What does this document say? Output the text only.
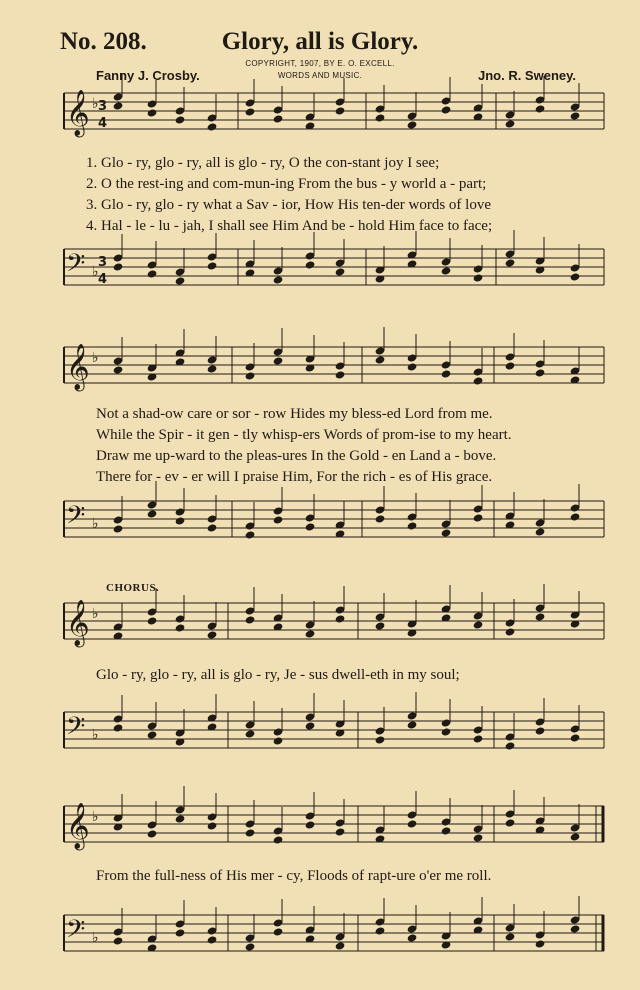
No. 208.	Glory, all is Glory.
Fanny J. Crosby.
COPYRIGHT, 1907, BY E. O. EXCELL.
WORDS AND MUSIC.	Jno. R. Sweney.
𝄞
𝄞
𝄞
𝄞
𝄢
𝄢
𝄢
𝄢
♭
♭
♭
♭
♭
♭
♭
♭
3
4
3
4
1. Glo - ry, glo - ry, all is glo - ry, O the con-stant joy I see;
2. O the rest-ing and com-mun-ing From the bus - y world a - part;
3. Glo - ry, glo - ry what a Sav - ior, How His ten-der words of love
4. Hal - le - lu - jah, I shall see Him And be - hold Him face to face;
Not a shad-ow care or sor - row Hides my bless-ed Lord from me.
While the Spir - it gen - tly whisp-ers Words of prom-ise to my heart.
Draw me up-ward to the pleas-ures In the Gold - en Land a - bove.
There for - ev - er will I praise Him, For the rich - es of His grace.
CHORUS.
Glo - ry, glo - ry, all is glo - ry, Je - sus dwell-eth in my soul;
From the full-ness of His mer - cy, Floods of rapt-ure o'er me roll.
